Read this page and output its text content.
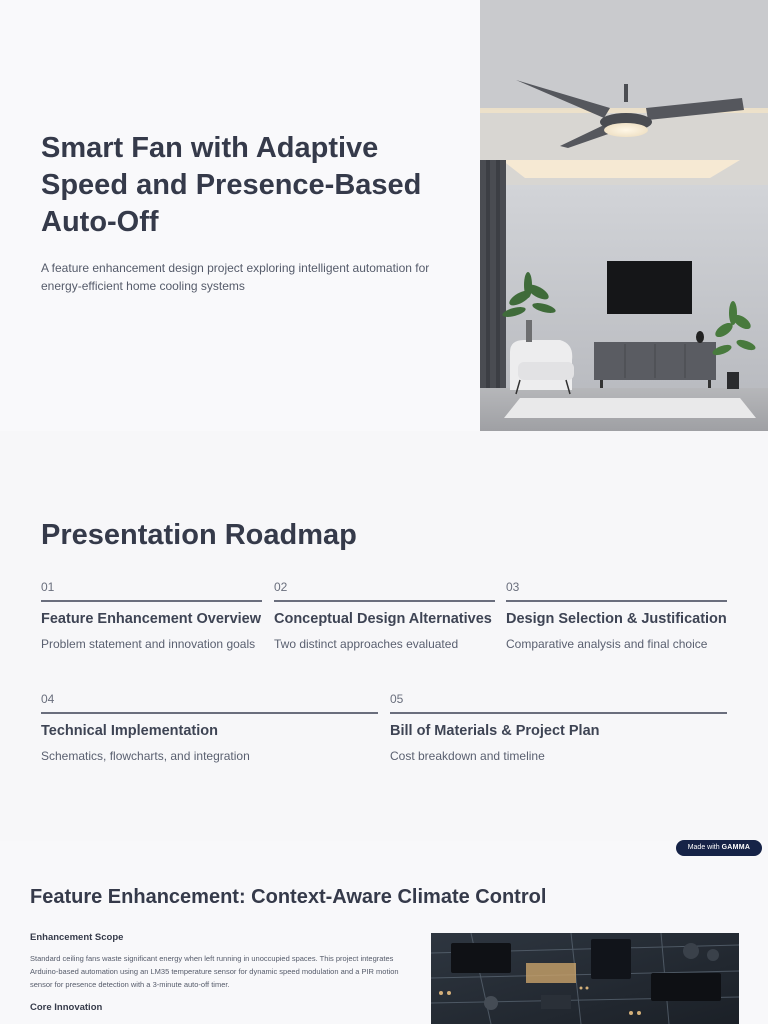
Smart Fan with Adaptive Speed and Presence-Based Auto-Off

A feature enhancement design project exploring intelligent automation for energy-efficient home cooling systems

Presentation Roadmap
01
Feature Enhancement Overview
Problem statement and innovation goals
02
Conceptual Design Alternatives
Two distinct approaches evaluated
03
Design Selection & Justification
Comparative analysis and final choice
04
Technical Implementation
Schematics, flowcharts, and integration
05
Bill of Materials & Project Plan
Cost breakdown and timeline
Made with GAMMA
Feature Enhancement: Context-Aware Climate Control
Enhancement Scope

Standard ceiling fans waste significant energy when left running in unoccupied spaces. This project integrates Arduino-based automation using an LM35 temperature sensor for dynamic speed modulation and a PIR motion sensor for presence detection with a 3-minute auto-off timer.

Core Innovation
